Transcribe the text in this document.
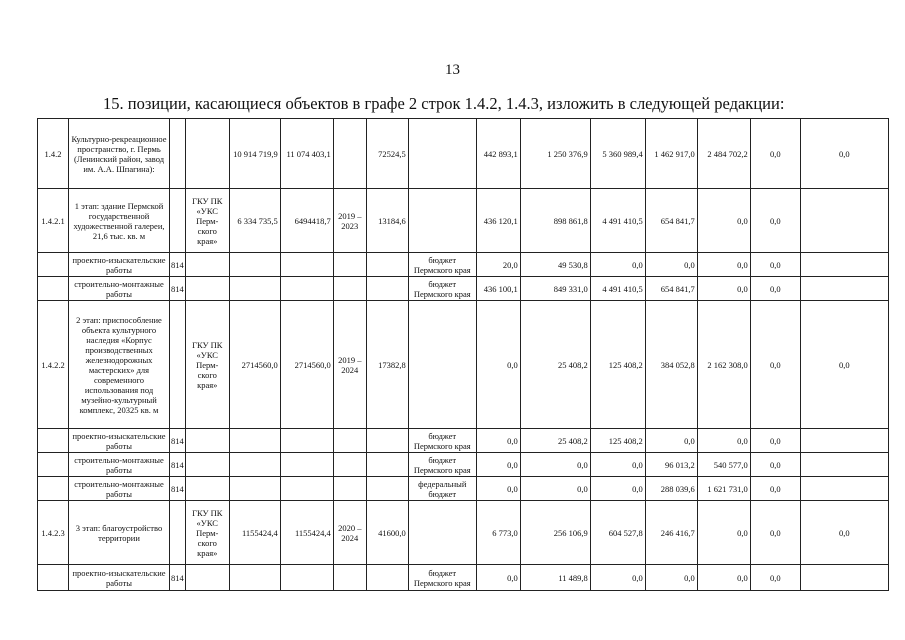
13
15. позиции, касающиеся объектов в графе 2 строк 1.4.2, 1.4.3, изложить в следующей редакции:
1.4.2	Культурно-рекреационное пространство, г. Пермь (Ленинский район, завод им. А.А. Шпагина):			10 914 719,9	11 074 403,1		72524,5		442 893,1	1 250 376,9	5 360 989,4	1 462 917,0	2 484 702,2	0,0	0,0
1.4.2.1	1 этап: здание Пермской государственной художественной галереи, 21,6 тыс. кв. м		ГКУ ПК «УКС Перм-ского края»	6 334 735,5	6494418,7	2019 – 2023	13184,6		436 120,1	898 861,8	4 491 410,5	654 841,7	0,0	0,0	
	проектно-изыскательские работы	814						бюджет Пермского края	20,0	49 530,8	0,0	0,0	0,0	0,0	
	строительно-монтажные работы	814						бюджет Пермского края	436 100,1	849 331,0	4 491 410,5	654 841,7	0,0	0,0	
1.4.2.2	2 этап: приспособление объекта культурного наследия «Корпус производственных железнодорожных мастерских» для современного использования под музейно-культурный комплекс, 20325 кв. м		ГКУ ПК «УКС Перм-ского края»	2714560,0	2714560,0	2019 – 2024	17382,8		0,0	25 408,2	125 408,2	384 052,8	2 162 308,0	0,0	0,0
	проектно-изыскательские работы	814						бюджет Пермского края	0,0	25 408,2	125 408,2	0,0	0,0	0,0	
	строительно-монтажные работы	814						бюджет Пермского края	0,0	0,0	0,0	96 013,2	540 577,0	0,0	
	строительно-монтажные работы	814						федеральный бюджет	0,0	0,0	0,0	288 039,6	1 621 731,0	0,0	
1.4.2.3	3 этап: благоустройство территории		ГКУ ПК «УКС Перм-ского края»	1155424,4	1155424,4	2020 – 2024	41600,0		6 773,0	256 106,9	604 527,8	246 416,7	0,0	0,0	0,0
	проектно-изыскательские работы	814						бюджет Пермского края	0,0	11 489,8	0,0	0,0	0,0	0,0	
